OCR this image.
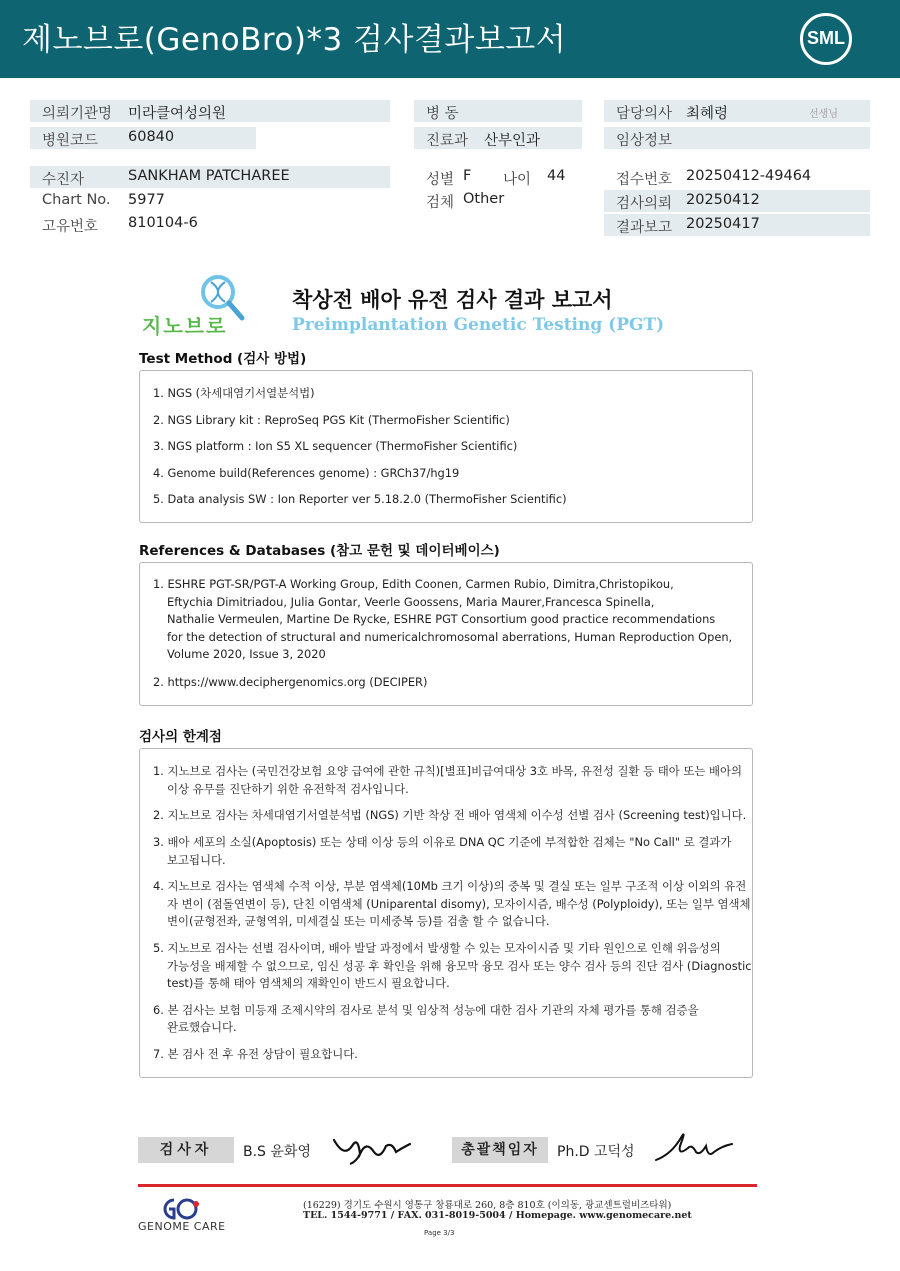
제노브로(GenoBro)*3 검사결과보고서	SML
의뢰기관명 미라클여성의원
병원코드 60840
병 동
진료과 산부인과
담당의사 최혜령	선생님
임상정보
수진자	SANKHAM PATCHAREE
Chart No. 5977
고유번호 810104-6
성별 F 나이 44
검체 Other
접수번호 20250412-49464
검사의뢰 20250412
결과보고 20250417
지노브로
착상전 배아 유전 검사 결과 보고서
Preimplantation Genetic Testing (PGT)
Test Method (검사 방법)
1. NGS (차세대염기서열분석법)
2. NGS Library kit : ReproSeq PGS Kit (ThermoFisher Scientific)
3. NGS platform : Ion S5 XL sequencer (ThermoFisher Scientific)
4. Genome build(References genome) : GRCh37/hg19
5. Data analysis SW : Ion Reporter ver 5.18.2.0 (ThermoFisher Scientific)
References & Databases (참고 문헌 및 데이터베이스)
1. ESHRE PGT-SR/PGT-A Working Group, Edith Coonen, Carmen Rubio, Dimitra,Christopikou,
Eftychia Dimitriadou, Julia Gontar, Veerle Goossens, Maria Maurer,Francesca Spinella,
Nathalie Vermeulen, Martine De Rycke, ESHRE PGT Consortium good practice recommendations
for the detection of structural and numericalchromosomal aberrations, Human Reproduction Open,
Volume 2020, Issue 3, 2020
2. https://www.deciphergenomics.org (DECIPER)
검사의 한계점
1. 지노브로 검사는 (국민건강보험 요양 급여에 관한 규칙)[별표]비급여대상 3호 바목, 유전성 질환 등 태아 또는 배아의
이상 유무를 진단하기 위한 유전학적 검사입니다.
2. 지노브로 검사는 차세대염기서열분석법 (NGS) 기반 착상 전 배아 염색체 이수성 선별 검사 (Screening test)입니다.
3. 배아 세포의 소실(Apoptosis) 또는 상태 이상 등의 이유로 DNA QC 기준에 부적합한 검체는 "No Call" 로 결과가
보고됩니다.
4. 지노브로 검사는 염색체 수적 이상, 부분 염색체(10Mb 크기 이상)의 중복 및 결실 또는 일부 구조적 이상 이외의 유전
자 변이 (점돌연변이 등), 단친 이염색체 (Uniparental disomy), 모자이시즘, 배수성 (Polyploidy), 또는 일부 염색체
변이(균형전좌, 균형역위, 미세결실 또는 미세중복 등)를 검출 할 수 없습니다.
5. 지노브로 검사는 선별 검사이며, 배아 발달 과정에서 발생할 수 있는 모자이시즘 및 기타 원인으로 인해 위음성의
가능성을 배제할 수 없으므로, 임신 성공 후 확인을 위해 융모막 융모 검사 또는 양수 검사 등의 진단 검사 (Diagnostic
test)를 통해 태아 염색체의 재확인이 반드시 필요합니다.
6. 본 검사는 보험 미등재 조제시약의 검사로 분석 및 임상적 성능에 대한 검사 기관의 자체 평가를 통해 검증을
완료했습니다.
7. 본 검사 전 후 유전 상담이 필요합니다.
검사자	B.S 윤화영	총괄책임자	Ph.D 고덕성
GENOME CARE
(16229) 경기도 수원시 영통구 창룡대로 260, 8층 810호 (이의동, 광교센트럴비즈타워)
TEL. 1544-9771 / FAX. 031-8019-5004 / Homepage. www.genomecare.net
Page 3/3
